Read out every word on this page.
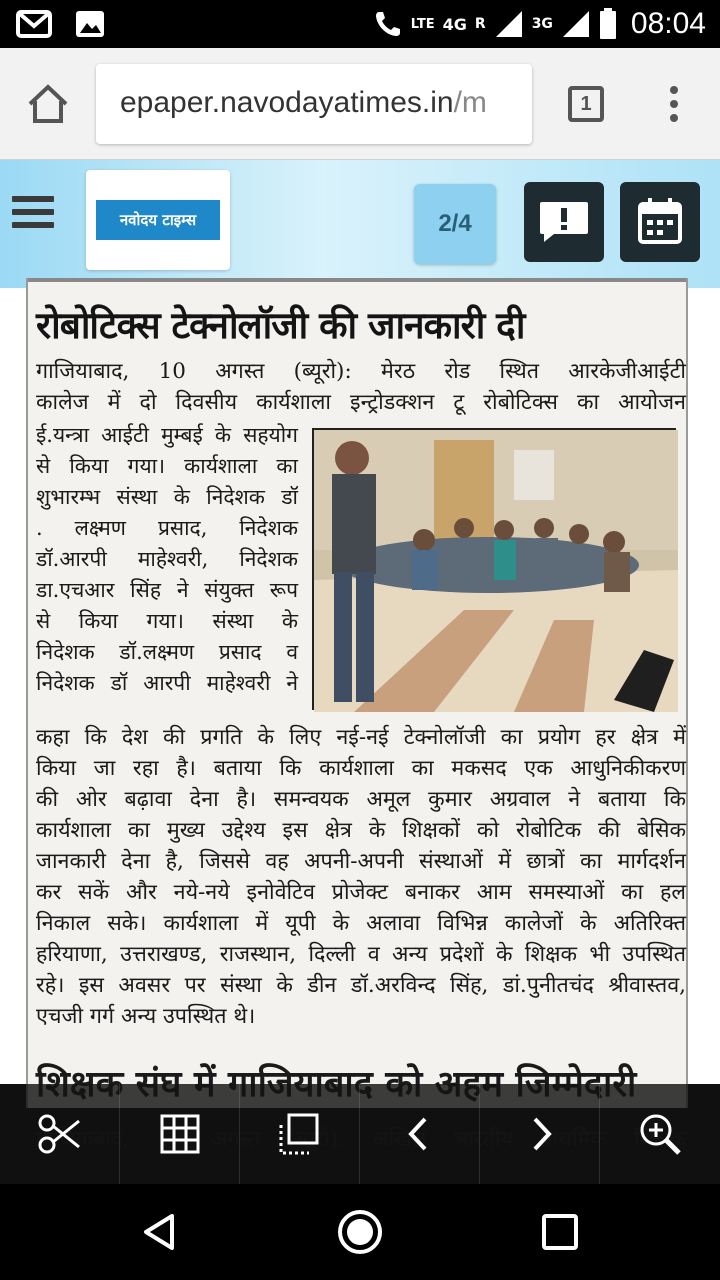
LTE 4G R	3G	08:04
epaper.navodayatimes.in/m	1
नवोदय टाइम्स	2/4
रोबोटिक्स टेक्नोलॉजी की जानकारी दी
गाजियाबाद, 10 अगस्त (ब्यूरो): मेरठ रोड स्थित आरकेजीआईटी
कालेज में दो दिवसीय कार्यशाला इन्ट्रोडक्शन टू रोबोटिक्स का आयोजन
ई.यन्त्रा आईटी मुम्बई के सहयोग
से किया गया। कार्यशाला का
शुभारम्भ संस्था के निदेशक डॉ
. लक्ष्मण प्रसाद, निदेशक
डॉ.आरपी माहेश्वरी, निदेशक
डा.एचआर सिंह ने संयुक्त रूप
से किया गया। संस्था के
निदेशक डॉ.लक्ष्मण प्रसाद व
निदेशक डॉ आरपी माहेश्वरी ने
कहा कि देश की प्रगति के लिए नई-नई टेक्नोलॉजी का प्रयोग हर क्षेत्र में
किया जा रहा है। बताया कि कार्यशाला का मकसद एक आधुनिकीकरण
की ओर बढ़ावा देना है। समन्वयक अमूल कुमार अग्रवाल ने बताया कि
कार्यशाला का मुख्य उद्देश्य इस क्षेत्र के शिक्षकों को रोबोटिक की बेसिक
जानकारी देना है, जिससे वह अपनी-अपनी संस्थाओं में छात्रों का मार्गदर्शन
कर सकें और नये-नये इनोवेटिव प्रोजेक्ट बनाकर आम समस्याओं का हल
निकाल सके। कार्यशाला में यूपी के अलावा विभिन्न कालेजों के अतिरिक्त
हरियाणा, उत्तराखण्ड, राजस्थान, दिल्ली व अन्य प्रदेशों के शिक्षक भी उपस्थित
रहे। इस अवसर पर संस्था के डीन डॉ.अरविन्द सिंह, डां.पुनीतचंद श्रीवास्तव,
एचजी गर्ग अन्य उपस्थित थे।
